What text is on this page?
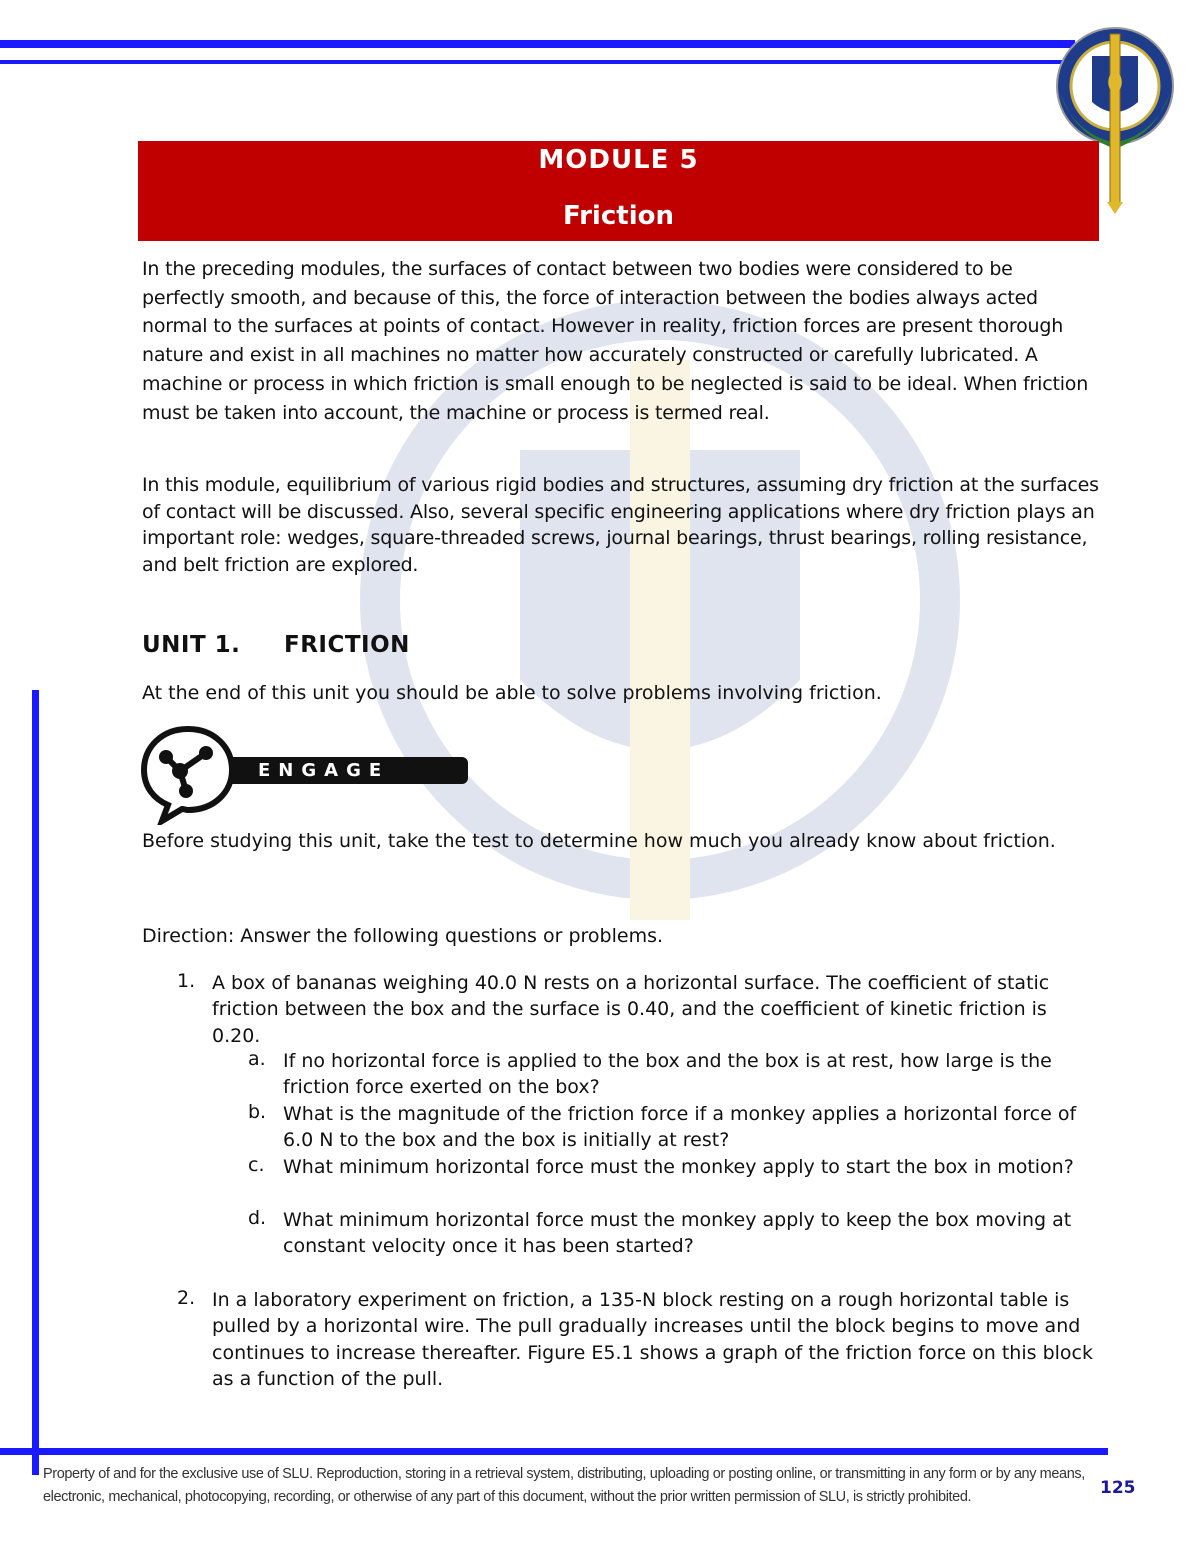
MODULE 5
Friction
In the preceding modules, the surfaces of contact between two bodies were considered to be perfectly smooth, and because of this, the force of interaction between the bodies always acted normal to the surfaces at points of contact. However in reality, friction forces are present thorough nature and exist in all machines no matter how accurately constructed or carefully lubricated. A machine or process in which friction is small enough to be neglected is said to be ideal. When friction must be taken into account, the machine or process is termed real.
In this module, equilibrium of various rigid bodies and structures, assuming dry friction at the surfaces of contact will be discussed. Also, several specific engineering applications where dry friction plays an important role: wedges, square-threaded screws, journal bearings, thrust bearings, rolling resistance, and belt friction are explored.
UNIT 1. FRICTION
At the end of this unit you should be able to solve problems involving friction.
ENGAGE
Before studying this unit, take the test to determine how much you already know about friction.
Direction: Answer the following questions or problems.
1. A box of bananas weighing 40.0 N rests on a horizontal surface. The coefficient of static friction between the box and the surface is 0.40, and the coefficient of kinetic friction is 0.20.
a. If no horizontal force is applied to the box and the box is at rest, how large is the friction force exerted on the box?
b. What is the magnitude of the friction force if a monkey applies a horizontal force of 6.0 N to the box and the box is initially at rest?
c. What minimum horizontal force must the monkey apply to start the box in motion?
d. What minimum horizontal force must the monkey apply to keep the box moving at constant velocity once it has been started?
2. In a laboratory experiment on friction, a 135-N block resting on a rough horizontal table is pulled by a horizontal wire. The pull gradually increases until the block begins to move and continues to increase thereafter. Figure E5.1 shows a graph of the friction force on this block as a function of the pull.
Property of and for the exclusive use of SLU. Reproduction, storing in a retrieval system, distributing, uploading or posting online, or transmitting in any form or by any means, electronic, mechanical, photocopying, recording, or otherwise of any part of this document, without the prior written permission of SLU, is strictly prohibited.	125
